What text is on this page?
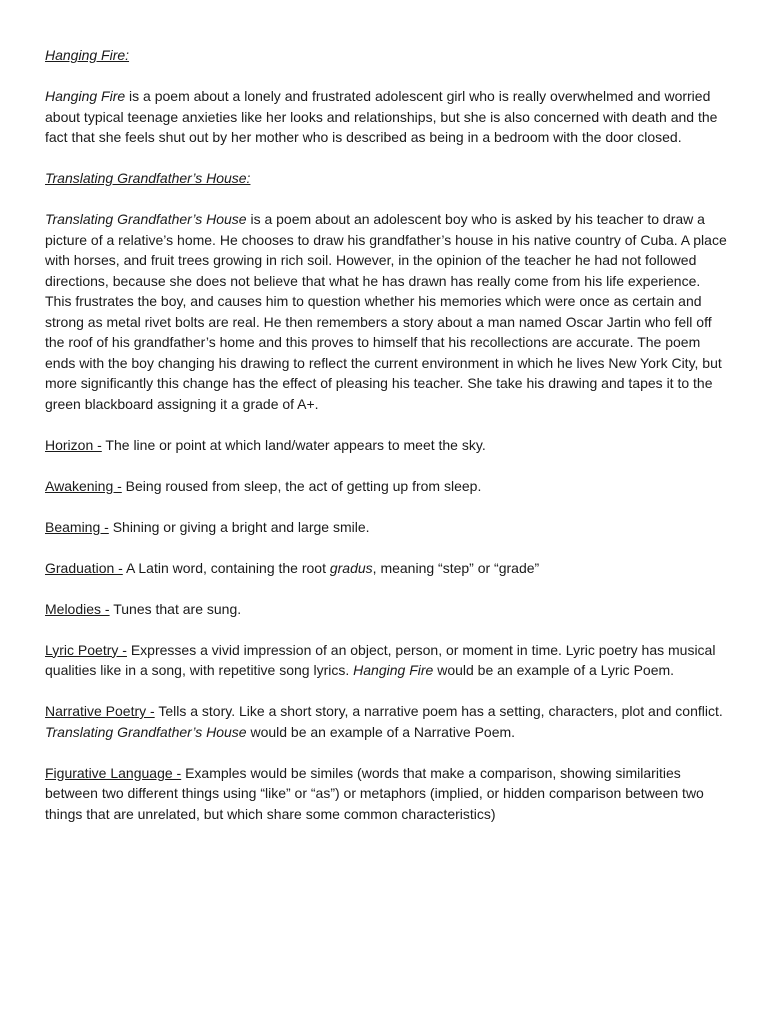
Hanging Fire:

Hanging Fire is a poem about a lonely and frustrated adolescent girl who is really overwhelmed and worried about typical teenage anxieties like her looks and relationships, but she is also concerned with death and the fact that she feels shut out by her mother who is described as being in a bedroom with the door closed.

Translating Grandfather’s House:

Translating Grandfather’s House is a poem about an adolescent boy who is asked by his teacher to draw a picture of a relative’s home. He chooses to draw his grandfather’s house in his native country of Cuba. A place with horses, and fruit trees growing in rich soil. However, in the opinion of the teacher he had not followed directions, because she does not believe that what he has drawn has really come from his life experience. This frustrates the boy, and causes him to question whether his memories which were once as certain and strong as metal rivet bolts are real. He then remembers a story about a man named Oscar Jartin who fell off the roof of his grandfather’s home and this proves to himself that his recollections are accurate. The poem ends with the boy changing his drawing to reflect the current environment in which he lives New York City, but more significantly this change has the effect of pleasing his teacher. She take his drawing and tapes it to the green blackboard assigning it a grade of A+.

Horizon - The line or point at which land/water appears to meet the sky.

Awakening - Being roused from sleep, the act of getting up from sleep.

Beaming - Shining or giving a bright and large smile.

Graduation - A Latin word, containing the root gradus, meaning “step” or “grade”

Melodies - Tunes that are sung.

Lyric Poetry - Expresses a vivid impression of an object, person, or moment in time. Lyric poetry has musical qualities like in a song, with repetitive song lyrics. Hanging Fire would be an example of a Lyric Poem.

Narrative Poetry - Tells a story. Like a short story, a narrative poem has a setting, characters, plot and conflict. Translating Grandfather’s House would be an example of a Narrative Poem.

Figurative Language - Examples would be similes (words that make a comparison, showing similarities between two different things using “like” or “as”) or metaphors (implied, or hidden comparison between two things that are unrelated, but which share some common characteristics)
